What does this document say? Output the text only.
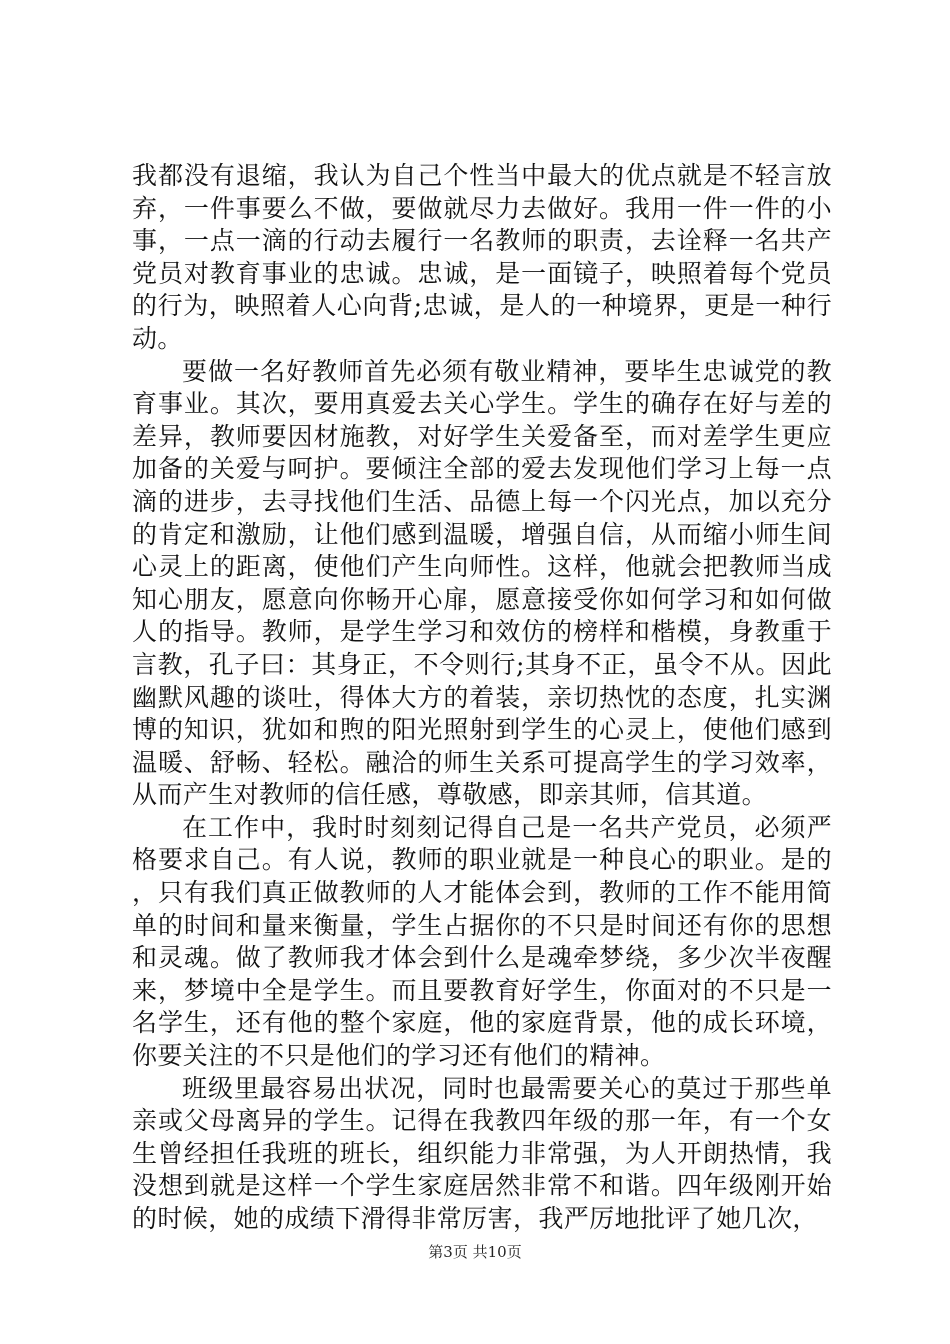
我都没有退缩，我认为自己个性当中最大的优点就是不轻言放弃，一件事要么不做，要做就尽力去做好。我用一件一件的小事，一点一滴的行动去履行一名教师的职责，去诠释一名共产党员对教育事业的忠诚。忠诚，是一面镜子，映照着每个党员的行为，映照着人心向背;忠诚，是人的一种境界，更是一种行动。

要做一名好教师首先必须有敬业精神，要毕生忠诚党的教育事业。其次，要用真爱去关心学生。学生的确存在好与差的差异，教师要因材施教，对好学生关爱备至，而对差学生更应加备的关爱与呵护。要倾注全部的爱去发现他们学习上每一点滴的进步，去寻找他们生活、品德上每一个闪光点，加以充分的肯定和激励，让他们感到温暖，增强自信，从而缩小师生间心灵上的距离，使他们产生向师性。这样，他就会把教师当成知心朋友，愿意向你畅开心扉，愿意接受你如何学习和如何做人的指导。教师，是学生学习和效仿的榜样和楷模，身教重于言教，孔子曰：其身正，不令则行;其身不正，虽令不从。因此幽默风趣的谈吐，得体大方的着装，亲切热忱的态度，扎实渊博的知识，犹如和煦的阳光照射到学生的心灵上，使他们感到温暖、舒畅、轻松。融洽的师生关系可提高学生的学习效率，从而产生对教师的信任感，尊敬感，即亲其师，信其道。

在工作中，我时时刻刻记得自己是一名共产党员，必须严格要求自己。有人说，教师的职业就是一种良心的职业。是的，只有我们真正做教师的人才能体会到，教师的工作不能用简单的时间和量来衡量，学生占据你的不只是时间还有你的思想和灵魂。做了教师我才体会到什么是魂牵梦绕，多少次半夜醒来，梦境中全是学生。而且要教育好学生，你面对的不只是一名学生，还有他的整个家庭，他的家庭背景，他的成长环境，你要关注的不只是他们的学习还有他们的精神。

班级里最容易出状况，同时也最需要关心的莫过于那些单亲或父母离异的学生。记得在我教四年级的那一年，有一个女生曾经担任我班的班长，组织能力非常强，为人开朗热情，我没想到就是这样一个学生家庭居然非常不和谐。四年级刚开始的时候，她的成绩下滑得非常厉害，我严厉地批评了她几次，

第3页 共10页
